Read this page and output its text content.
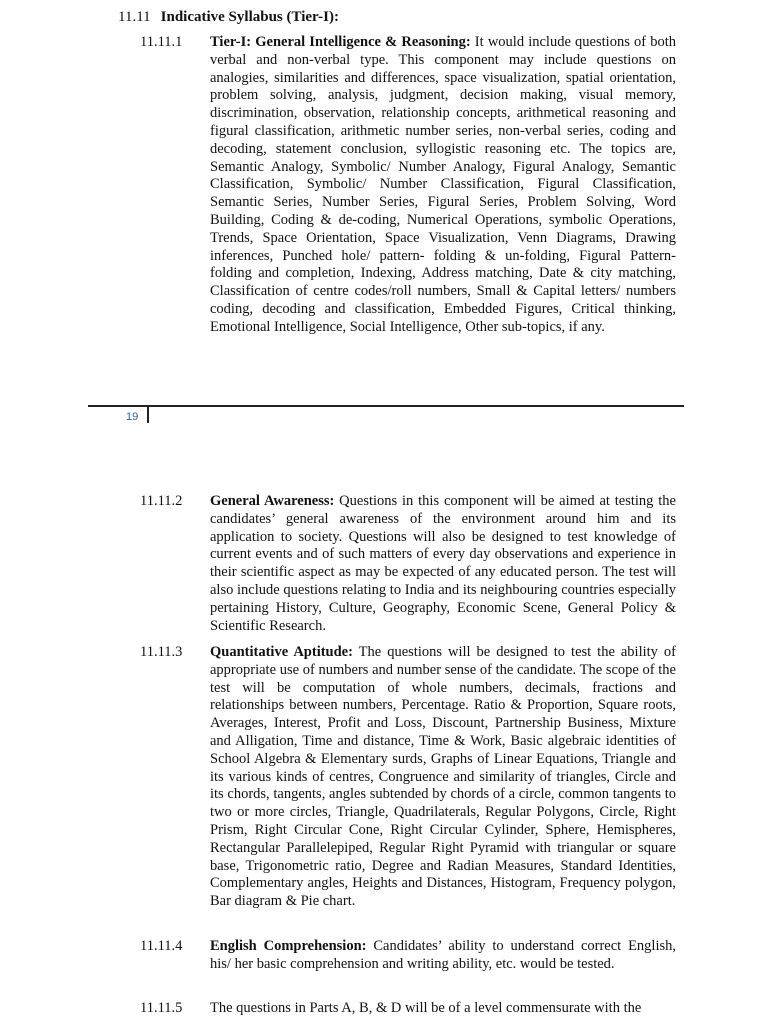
11.11 Indicative Syllabus (Tier-I):
11.11.1 Tier-I: General Intelligence & Reasoning: It would include questions of both verbal and non-verbal type. This component may include questions on analogies, similarities and differences, space visualization, spatial orientation, problem solving, analysis, judgment, decision making, visual memory, discrimination, observation, relationship concepts, arithmetical reasoning and figural classification, arithmetic number series, non-verbal series, coding and decoding, statement conclusion, syllogistic reasoning etc. The topics are, Semantic Analogy, Symbolic/ Number Analogy, Figural Analogy, Semantic Classification, Symbolic/ Number Classification, Figural Classification, Semantic Series, Number Series, Figural Series, Problem Solving, Word Building, Coding & de-coding, Numerical Operations, symbolic Operations, Trends, Space Orientation, Space Visualization, Venn Diagrams, Drawing inferences, Punched hole/ pattern- folding & un-folding, Figural Pattern- folding and completion, Indexing, Address matching, Date & city matching, Classification of centre codes/roll numbers, Small & Capital letters/ numbers coding, decoding and classification, Embedded Figures, Critical thinking, Emotional Intelligence, Social Intelligence, Other sub-topics, if any.
19
11.11.2 General Awareness: Questions in this component will be aimed at testing the candidates’ general awareness of the environment around him and its application to society. Questions will also be designed to test knowledge of current events and of such matters of every day observations and experience in their scientific aspect as may be expected of any educated person. The test will also include questions relating to India and its neighbouring countries especially pertaining History, Culture, Geography, Economic Scene, General Policy & Scientific Research.
11.11.3 Quantitative Aptitude: The questions will be designed to test the ability of appropriate use of numbers and number sense of the candidate. The scope of the test will be computation of whole numbers, decimals, fractions and relationships between numbers, Percentage. Ratio & Proportion, Square roots, Averages, Interest, Profit and Loss, Discount, Partnership Business, Mixture and Alligation, Time and distance, Time & Work, Basic algebraic identities of School Algebra & Elementary surds, Graphs of Linear Equations, Triangle and its various kinds of centres, Congruence and similarity of triangles, Circle and its chords, tangents, angles subtended by chords of a circle, common tangents to two or more circles, Triangle, Quadrilaterals, Regular Polygons, Circle, Right Prism, Right Circular Cone, Right Circular Cylinder, Sphere, Hemispheres, Rectangular Parallelepiped, Regular Right Pyramid with triangular or square base, Trigonometric ratio, Degree and Radian Measures, Standard Identities, Complementary angles, Heights and Distances, Histogram, Frequency polygon, Bar diagram & Pie chart.
11.11.4 English Comprehension: Candidates’ ability to understand correct English, his/ her basic comprehension and writing ability, etc. would be tested.
11.11.5 The questions in Parts A, B, & D will be of a level commensurate with the
